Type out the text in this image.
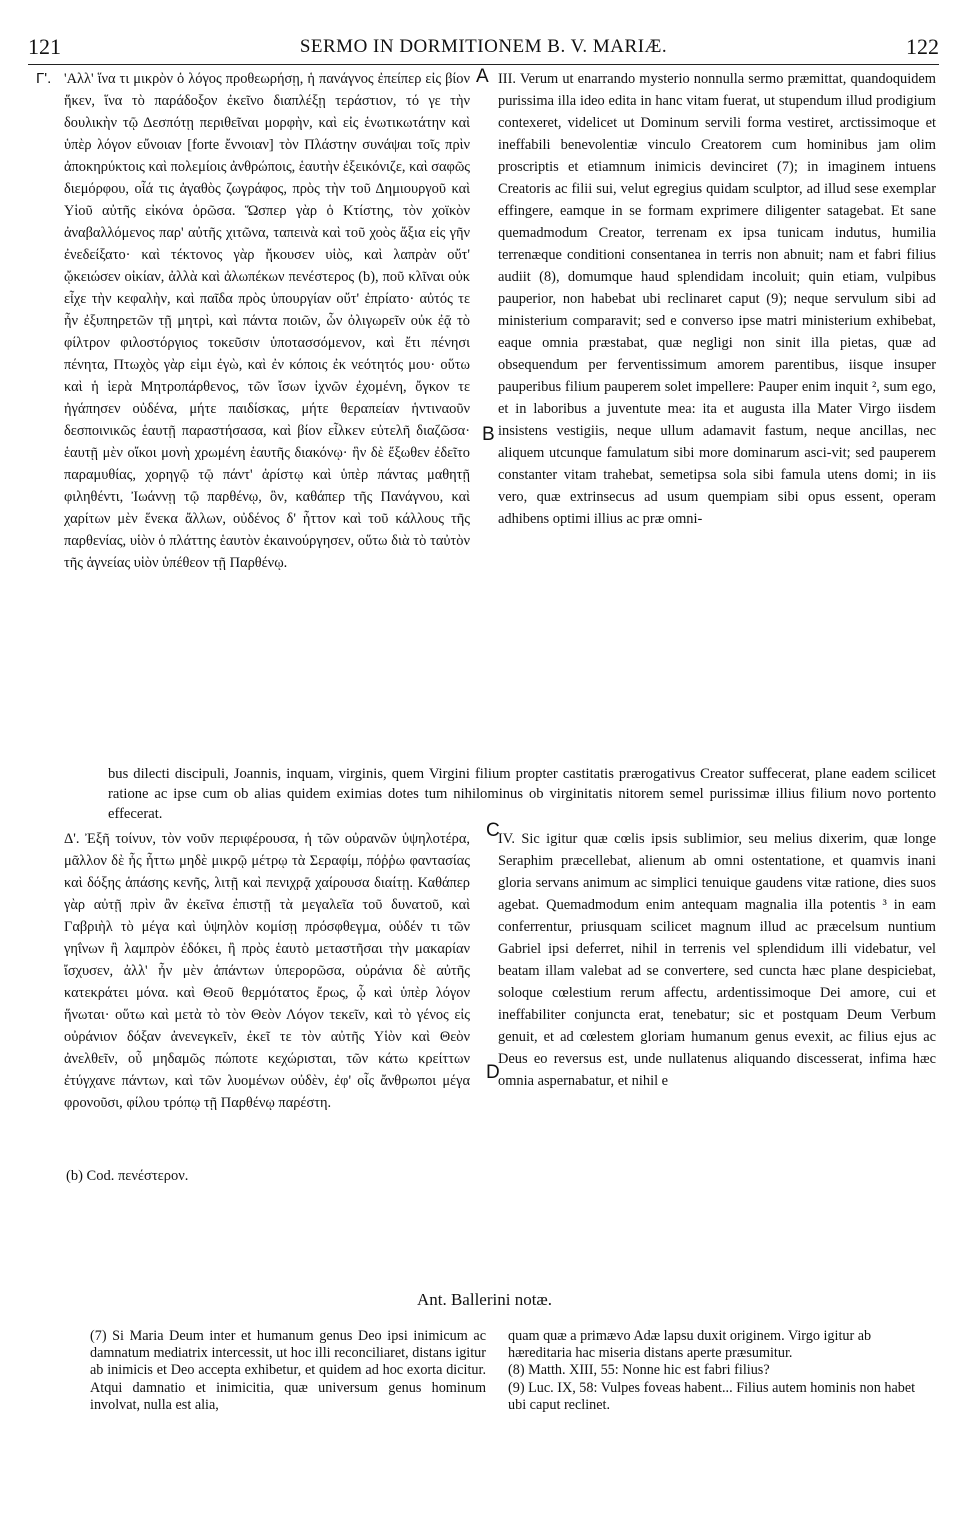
121	SERMO IN DORMITIONEM B. V. MARIÆ.	122
Γ'.	A
B

'Αλλ' ἵνα τι μικρὸν ὁ λόγος προθεωρήσῃ, ἡ πανάγνος ἐπείπερ εἰς βίον ἥκεν, ἵνα τὸ παράδοξον ἐκεῖνο διαπλέξῃ τεράστιον, τό γε τὴν δουλικὴν τῷ Δεσπότῃ περιθεῖναι μορφὴν, καὶ εἰς ἑνωτικωτάτην καὶ ὑπὲρ λόγον εὔνοιαν [forte ἔννοιαν] τὸν Πλάστην συνάψαι τοῖς πρὶν ἀποκηρύκτοις καὶ πολεμίοις ἀνθρώποις, ἑαυτὴν ἐξεικόνιζε, καὶ σαφῶς διεμόρφου, οἷά τις ἀγαθὸς ζωγράφος, πρὸς τὴν τοῦ Δημιουργοῦ καὶ Υἱοῦ αὐτῆς εἰκόνα ὁρῶσα. Ὥσπερ γὰρ ὁ Κτίστης, τὸν χοϊκὸν ἀναβαλλόμενος παρ' αὐτῆς χιτῶνα, ταπεινὰ καὶ τοῦ χοὸς ἄξια εἰς γῆν ἐνεδείξατο· καὶ τέκτονος γὰρ ἤκουσεν υἱὸς, καὶ λαπρὰν οὔτ' ᾤκειώσεν οἰκίαν, ἀλλὰ καὶ ἀλωπέκων πενέστερος (b), ποῦ κλῖναι οὐκ εἶχε τὴν κεφαλὴν, καὶ παῖδα πρὸς ὑπουργίαν οὔτ' ἐπρίατο· αὐτός τε ἦν ἐξυπηρετῶν τῇ μητρὶ, καὶ πάντα ποιῶν, ὧν ὀλιγωρεῖν οὐκ ἐᾷ τὸ φίλτρον φιλοστόργιος τοκεῦσιν ὑποτασσόμενον, καὶ ἔτι πένησι πένητα, Πτωχὸς γὰρ εἰμι ἐγὼ, καὶ ἐν κόποις ἐκ νεότητός μου· οὕτω καὶ ἡ ἱερὰ Μητροπάρθενος, τῶν ἴσων ἰχνῶν ἐχομένη, ὄγκον τε ἠγάπησεν οὐδένα, μήτε παιδίσκας, μήτε θεραπείαν ἡντιναοῦν δεσποινικῶς ἑαυτῇ παραστήσασα, καὶ βίον εἶλκεν εὐτελῆ διαζῶσα· ἑαυτῇ μὲν οἴκοι μονὴ χρωμένη ἑαυτῆς διακόνῳ· ἣν δὲ ἔξωθεν ἐδεῖτο παραμυθίας, χορηγῷ τῷ πάντ' ἀρίστῳ καὶ ὑπὲρ πάντας μαθητῇ φιληθέντι, Ἰωάννῃ τῷ παρθένῳ, ὃν, καθάπερ τῆς Πανάγνου, καὶ χαρίτων μὲν ἕνεκα ἄλλων, οὐδένος δ' ἧττον καὶ τοῦ κάλλους τῆς παρθενίας, υἱὸν ὁ πλάττης ἑαυτὸν ἐκαινούργησεν, οὕτω διὰ τὸ ταὐτὸν τῆς ἁγνείας υἱὸν ὑπέθεον τῇ Παρθένῳ.

III. Verum ut enarrando mysterio nonnulla sermo præmittat, quandoquidem purissima illa ideo edita in hanc vitam fuerat, ut stupendum illud prodigium contexeret, videlicet ut Dominum servili forma vestiret, arctissimoque et ineffabili benevolentiæ vinculo Creatorem cum hominibus jam olim proscriptis et etiamnum inimicis devinciret (7); in imaginem intuens Creatoris ac filii sui, velut egregius quidam sculptor, ad illud sese exemplar effingere, eamque in se formam exprimere diligenter satagebat. Et sane quemadmodum Creator, terrenam ex ipsa tunicam indutus, humilia terrenæque conditioni consentanea in terris non abnuit; nam et fabri filius audiit (8), domumque haud splendidam incoluit; quin etiam, vulpibus pauperior, non habebat ubi reclinaret caput (9); neque servulum sibi ad ministerium comparavit; sed e converso ipse matri ministerium exhibebat, eaque omnia præstabat, quæ negligi non sinit illa pietas, quæ ad obsequendum per ferventissimum amorem parentibus, iisque insuper pauperibus filium pauperem solet impellere: Pauper enim inquit ², sum ego, et in laboribus a juventute mea: ita et augusta illa Mater Virgo iisdem insistens vestigiis, neque ullum adamavit fastum, neque ancillas, nec aliquem utcunque famulatum sibi more dominarum asci-vit; sed pauperem constanter vitam trahebat, semetipsa sola sibi famula utens domi; in iis vero, quæ extrinsecus ad usum quempiam sibi opus essent, operam adhibens optimi illius ac præ omni-

bus dilecti discipuli, Joannis, inquam, virginis, quem Virgini filium propter castitatis prærogativus Creator suffecerat, plane eadem scilicet ratione ac ipse cum ob alias quidem eximias dotes tum nihilominus ob virginitatis nitorem semel purissimæ illius filium novo portento effecerat.

C
D

Δ'. Ἐξῆ τοίνυν, τὸν νοῦν περιφέρουσα, ἡ τῶν οὐρανῶν ὑψηλοτέρα, μᾶλλον δὲ ἧς ἧττω μηδὲ μικρῷ μέτρῳ τὰ Σεραφίμ, πόῤῥω φαντασίας καὶ δόξης ἁπάσης κενῆς, λιτῇ καὶ πενιχρᾷ χαίρουσα διαίτῃ. Καθάπερ γὰρ αὐτῇ πρὶν ἂν ἐκεῖνα ἐπιστῇ τὰ μεγαλεῖα τοῦ δυνατοῦ, καὶ Γαβριὴλ τὸ μέγα καὶ ὑψηλὸν κομίσῃ πρόσφθεγμα, οὐδέν τι τῶν γηΐνων ἢ λαμπρὸν ἐδόκει, ἢ πρὸς ἑαυτὸ μεταστῆσαι τὴν μακαρίαν ἴσχυσεν, ἀλλ' ἦν μὲν ἁπάντων ὑπερορῶσα, οὐράνια δὲ αὐτῆς κατεκράτει μόνα. καὶ Θεοῦ θερμότατος ἔρως, ᾧ καὶ ὑπὲρ λόγον ἥνωται· οὕτω καὶ μετὰ τὸ τὸν Θεὸν Λόγον τεκεῖν, καὶ τὸ γένος εἰς οὐράνιον δόξαν ἀνενεγκεῖν, ἐκεῖ τε τὸν αὐτῆς Υἱὸν καὶ Θεὸν ἀνελθεῖν, οὗ μηδαμῶς πώποτε κεχώρισται, τῶν κάτω κρείττων ἐτύγχανε πάντων, καὶ τῶν λυομένων οὐδὲν, ἐφ' οἷς ἄνθρωποι μέγα φρονοῦσι, φίλου τρόπῳ τῇ Παρθένῳ παρέστη.

IV. Sic igitur quæ cœlis ipsis sublimior, seu melius dixerim, quæ longe Seraphim præcellebat, alienum ab omni ostentatione, et quamvis inani gloria servans animum ac simplici tenuique gaudens vitæ ratione, dies suos agebat. Quemadmodum enim antequam magnalia illa potentis ³ in eam conferrentur, priusquam scilicet magnum illud ac præcelsum nuntium Gabriel ipsi deferret, nihil in terrenis vel splendidum illi videbatur, vel beatam illam valebat ad se convertere, sed cuncta hæc plane despiciebat, soloque cœlestium rerum affectu, ardentissimoque Dei amore, cui et ineffabiliter conjuncta erat, tenebatur; sic et postquam Deum Verbum genuit, et ad cœlestem gloriam humanum genus evexit, ac filius ejus ac Deus eo reversus est, unde nullatenus aliquando discesserat, infima hæc omnia aspernabatur, et nihil e

(b) Cod. πενέστερον.
Ant. Ballerini notæ.

(7) Si Maria Deum inter et humanum genus Deo ipsi inimicum ac damnatum mediatrix intercessit, ut hoc illi reconciliaret, distans igitur ab inimicis et Deo accepta exhibetur, et quidem ad hoc exorta dicitur. Atqui damnatio et inimicitia, quæ universum genus hominum involvat, nulla est alia,

quam quæ a primævo Adæ lapsu duxit originem. Virgo igitur ab hæreditaria hac miseria distans aperte præsumitur.

(8) Matth. XIII, 55: Nonne hic est fabri filius?

(9) Luc. IX, 58: Vulpes foveas habent... Filius autem hominis non habet ubi caput reclinet.
